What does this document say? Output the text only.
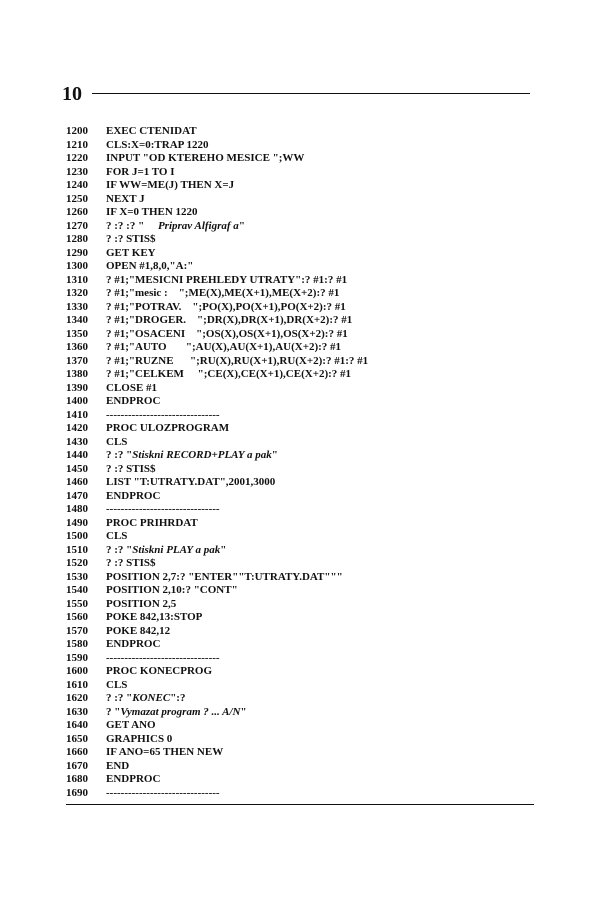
10
1200	EXEC CTENIDAT
1210	CLS:X=0:TRAP 1220
1220	INPUT "OD KTEREHO MESICE ";WW
1230	FOR J=1 TO I
1240	IF WW=ME(J) THEN X=J
1250	NEXT J
1260	IF X=0 THEN 1220
1270	? :? :? "     Priprav Alfigraf a"
1280	? :? STIS$
1290	GET KEY
1300	OPEN #1,8,0,"A:"
1310	? #1;"MESICNI PREHLEDY UTRATY":? #1:? #1
1320	? #1;"mesic :    ";ME(X),ME(X+1),ME(X+2):? #1
1330	? #1;"POTRAV.    ";PO(X),PO(X+1),PO(X+2):? #1
1340	? #1;"DROGER.    ";DR(X),DR(X+1),DR(X+2):? #1
1350	? #1;"OSACENI    ";OS(X),OS(X+1),OS(X+2):? #1
1360	? #1;"AUTO       ";AU(X),AU(X+1),AU(X+2):? #1
1370	? #1;"RUZNE      ";RU(X),RU(X+1),RU(X+2):? #1:? #1
1380	? #1;"CELKEM     ";CE(X),CE(X+1),CE(X+2):? #1
1390	CLOSE #1
1400	ENDPROC
1410	-------------------------------
1420	PROC ULOZPROGRAM
1430	CLS
1440	? :? "Stiskni RECORD+PLAY a pak"
1450	? :? STIS$
1460	LIST "T:UTRATY.DAT",2001,3000
1470	ENDPROC
1480	-------------------------------
1490	PROC PRIHRDAT
1500	CLS
1510	? :? "Stiskni PLAY a pak"
1520	? :? STIS$
1530	POSITION 2,7:? "ENTER""T:UTRATY.DAT"""
1540	POSITION 2,10:? "CONT"
1550	POSITION 2,5
1560	POKE 842,13:STOP
1570	POKE 842,12
1580	ENDPROC
1590	-------------------------------
1600	PROC KONECPROG
1610	CLS
1620	? :? "KONEC":?
1630	? "Vymazat program ? ... A/N"
1640	GET ANO
1650	GRAPHICS 0
1660	IF ANO=65 THEN NEW
1670	END
1680	ENDPROC
1690	-------------------------------
